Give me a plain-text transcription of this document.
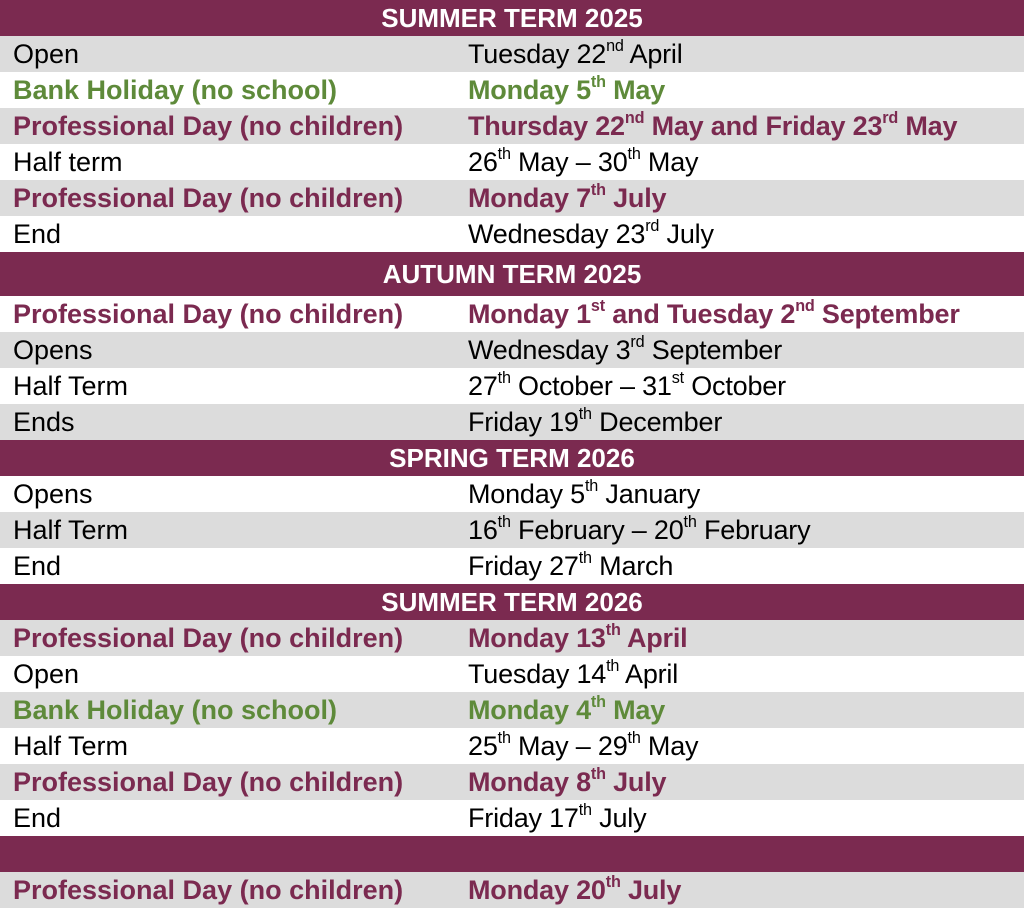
SUMMER TERM 2025
Open	Tuesday 22nd April
Bank Holiday (no school)	Monday 5th May
Professional Day (no children)	Thursday 22nd May and Friday 23rd May
Half term	26th May – 30th May
Professional Day (no children)	Monday 7th July
End	Wednesday 23rd July
AUTUMN TERM 2025
Professional Day (no children)	Monday 1st and Tuesday 2nd September
Opens	Wednesday 3rd September
Half Term	27th October – 31st October
Ends	Friday 19th December
SPRING TERM 2026
Opens	Monday 5th January
Half Term	16th February – 20th February
End	Friday 27th March
SUMMER TERM 2026
Professional Day (no children)	Monday 13th April
Open	Tuesday 14th April
Bank Holiday (no school)	Monday 4th May
Half Term	25th May – 29th May
Professional Day (no children)	Monday 8th July
End	Friday 17th July
Professional Day (no children)	Monday 20th July
